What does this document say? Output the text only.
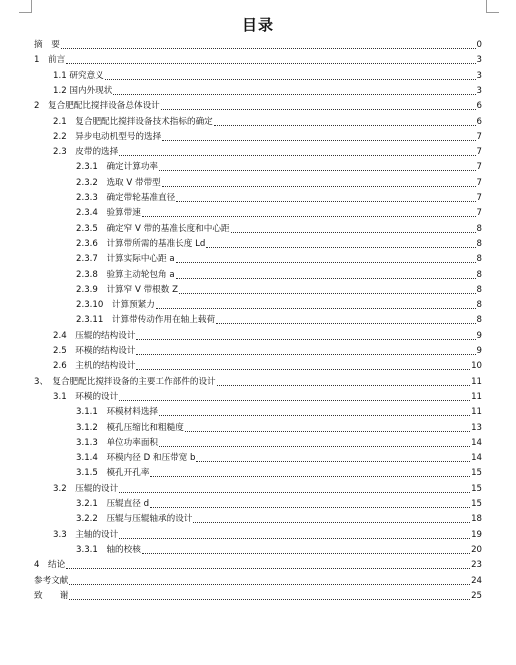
目录
摘　要	0
1　前言	3
1.1 研究意义	3
1.2 国内外现状	3
2　复合肥配比搅拌设备总体设计	6
2.1　复合肥配比搅拌设备技术指标的确定	6
2.2　异步电动机型号的选择	7
2.3　皮带的选择	7
2.3.1　确定计算功率	7
2.3.2　选取 V 带带型	7
2.3.3　确定带轮基准直径	7
2.3.4　验算带速	7
2.3.5　确定窄 V 带的基准长度和中心距	8
2.3.6　计算带所需的基准长度 Ld	8
2.3.7　计算实际中心距 a	8
2.3.8　验算主动轮包角 a	8
2.3.9　计算窄 V 带根数 Z	8
2.3.10　计算预紧力	8
2.3.11　计算带传动作用在轴上载荷	8
2.4　压辊的结构设计	9
2.5　环模的结构设计	9
2.6　主机的结构设计	10
3、　复合肥配比搅拌设备的主要工作部件的设计	11
3.1　环模的设计	11
3.1.1　环模材料选择	11
3.1.2　模孔压缩比和粗糙度	13
3.1.3　单位功率面积	14
3.1.4　环模内径 D 和压带宽 b	14
3.1.5　模孔开孔率	15
3.2　压辊的设计	15
3.2.1　压辊直径 d	15
3.2.2　压辊与压辊轴承的设计	18
3.3　主轴的设计	19
3.3.1　轴的校核	20
4　结论	23
参考文献	24
致　　谢	25
